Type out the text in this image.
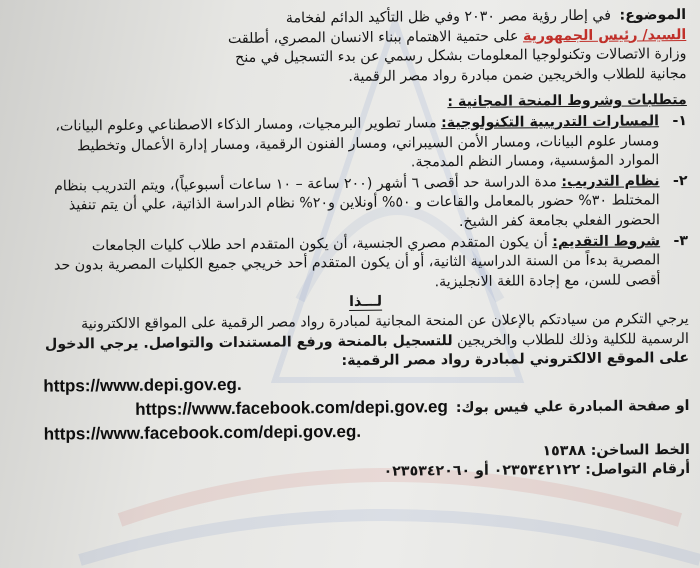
الموضوع: في إطار رؤية مصر ٢٠٣٠ وفي ظل التأكيد الدائم لفخامة

السيد/ رئيس الجمهورية على حتمية الاهتمام ببناء الانسان المصري، أطلقت

وزارة الاتصالات وتكنولوجيا المعلومات بشكل رسمي عن بدء التسجيل في منح

مجانية للطلاب والخريجين ضمن مبادرة رواد مصر الرقمية.

متطلبات وشروط المنحة المجانية :

١-
المسارات التدريبية التكنولوجية: مسار تطوير البرمجيات، ومسار الذكاء الاصطناعي وعلوم البيانات، ومسار علوم البيانات، ومسار الأمن السيبراني، ومسار الفنون الرقمية، ومسار إدارة الأعمال وتخطيط الموارد المؤسسية، ومسار النظم المدمجة.
٢-
نظام التدريب: مدة الدراسة حد أقصى ٦ أشهر (٢٠٠ ساعة – ١٠ ساعات أسبوعياً)، ويتم التدريب بنظام المختلط ٣٠% حضور بالمعامل والقاعات و ٥٠% أونلاين و٢٠% نظام الدراسة الذاتية، علي أن يتم تنفيذ الحضور الفعلي بجامعة كفر الشيخ.
٣-
شروط التقديم: أن يكون المتقدم مصري الجنسية، أن يكون المتقدم احد طلاب كليات الجامعات المصرية بدءاً من السنة الدراسية الثانية، أو أن يكون المتقدم أحد خريجي جميع الكليات المصرية بدون حد أقصى للسن، مع إجادة اللغة الانجليزية.

لـــذا

يرجي التكرم من سيادتكم بالإعلان عن المنحة المجانية لمبادرة رواد مصر الرقمية على المواقع الالكترونية الرسمية للكلية وذلك للطلاب والخريجين للتسجيل بالمنحة ورفع المستندات والتواصل. يرجي الدخول على الموقع الالكتروني لمبادرة رواد مصر الرقمية:

https://www.depi.gov.eg.

او صفحة المبادرة علي فيس بوك:
https://www.facebook.com/depi.gov.eg

https://www.facebook.com/depi.gov.eg.

الخط الساخن: ١٥٣٨٨

أرقام التواصل: ٠٢٣٥٣٤٢١٢٢ أو ٠٢٣٥٣٤٢٠٦٠
